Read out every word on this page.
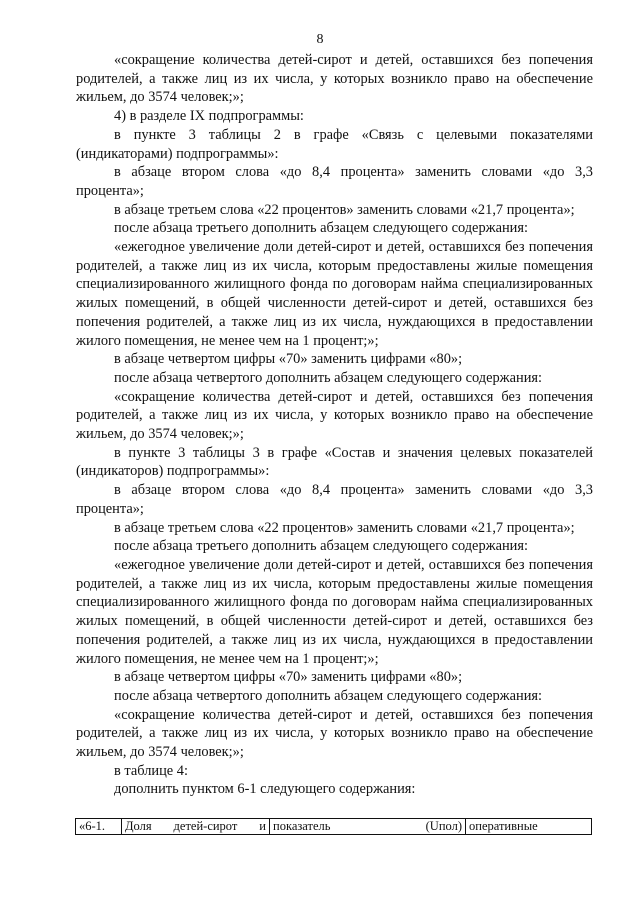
8

«сокращение количества детей-сирот и детей, оставшихся без попечения родителей, а также лиц из их числа, у которых возникло право на обеспечение жильем, до 3574 человек;»;

4) в разделе IX подпрограммы:

в пункте 3 таблицы 2 в графе «Связь с целевыми показателями (индикаторами) подпрограммы»:

в абзаце втором слова «до 8,4 процента» заменить словами «до 3,3 процента»;

в абзаце третьем слова «22 процентов» заменить словами «21,7 процента»;

после абзаца третьего дополнить абзацем следующего содержания:

«ежегодное увеличение доли детей-сирот и детей, оставшихся без попечения родителей, а также лиц из их числа, которым предоставлены жилые помещения специализированного жилищного фонда по договорам найма специализированных жилых помещений, в общей численности детей-сирот и детей, оставшихся без попечения родителей, а также лиц из их числа, нуждающихся в предоставлении жилого помещения, не менее чем на 1 процент;»;

в абзаце четвертом цифры «70» заменить цифрами «80»;

после абзаца четвертого дополнить абзацем следующего содержания:

«сокращение количества детей-сирот и детей, оставшихся без попечения родителей, а также лиц из их числа, у которых возникло право на обеспечение жильем, до 3574 человек;»;

в пункте 3 таблицы 3 в графе «Состав и значения целевых показателей (индикаторов) подпрограммы»:

в абзаце втором слова «до 8,4 процента» заменить словами «до 3,3 процента»;

в абзаце третьем слова «22 процентов» заменить словами «21,7 процента»;

после абзаца третьего дополнить абзацем следующего содержания:

«ежегодное увеличение доли детей-сирот и детей, оставшихся без попечения родителей, а также лиц из их числа, которым предоставлены жилые помещения специализированного жилищного фонда по договорам найма специализированных жилых помещений, в общей численности детей-сирот и детей, оставшихся без попечения родителей, а также лиц из их числа, нуждающихся в предоставлении жилого помещения, не менее чем на 1 процент;»;

в абзаце четвертом цифры «70» заменить цифрами «80»;

после абзаца четвертого дополнить абзацем следующего содержания:

«сокращение количества детей-сирот и детей, оставшихся без попечения родителей, а также лиц из их числа, у которых возникло право на обеспечение жильем, до 3574 человек;»;

в таблице 4:

дополнить пунктом 6-1 следующего содержания:

«6-1.	Доля детей-сирот и показатель	(Uпол) оперативные
